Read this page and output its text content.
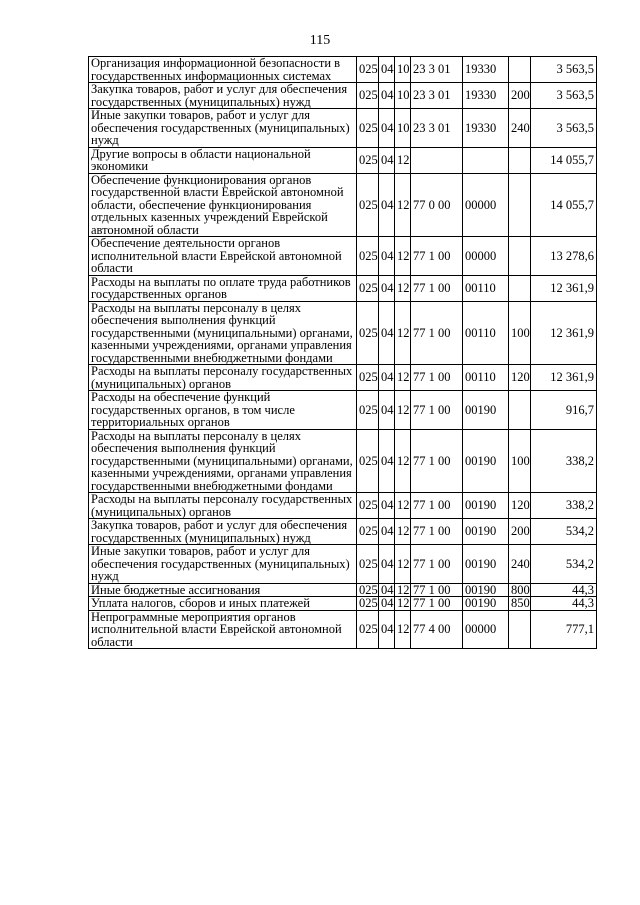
115
Организация информационной безопасности в государственных информационных системах	025	04	10	23 3 01	19330		3 563,5
Закупка товаров, работ и услуг для обеспечения государственных (муниципальных) нужд	025	04	10	23 3 01	19330	200	3 563,5
Иные закупки товаров, работ и услуг для обеспечения государственных (муниципальных) нужд	025	04	10	23 3 01	19330	240	3 563,5
Другие вопросы в области национальной экономики	025	04	12				14 055,7
Обеспечение функционирования органов государственной власти Еврейской автономной области, обеспечение функционирования отдельных казенных учреждений Еврейской автономной области	025	04	12	77 0 00	00000		14 055,7
Обеспечение деятельности органов исполнительной власти Еврейской автономной области	025	04	12	77 1 00	00000		13 278,6
Расходы на выплаты по оплате труда работников государственных органов	025	04	12	77 1 00	00110		12 361,9
Расходы на выплаты персоналу в целях обеспечения выполнения функций государственными (муниципальными) органами, казенными учреждениями, органами управления государственными внебюджетными фондами	025	04	12	77 1 00	00110	100	12 361,9
Расходы на выплаты персоналу государственных (муниципальных) органов	025	04	12	77 1 00	00110	120	12 361,9
Расходы на обеспечение функций государственных органов, в том числе территориальных органов	025	04	12	77 1 00	00190		916,7
Расходы на выплаты персоналу в целях обеспечения выполнения функций государственными (муниципальными) органами, казенными учреждениями, органами управления государственными внебюджетными фондами	025	04	12	77 1 00	00190	100	338,2
Расходы на выплаты персоналу государственных (муниципальных) органов	025	04	12	77 1 00	00190	120	338,2
Закупка товаров, работ и услуг для обеспечения государственных (муниципальных) нужд	025	04	12	77 1 00	00190	200	534,2
Иные закупки товаров, работ и услуг для обеспечения государственных (муниципальных) нужд	025	04	12	77 1 00	00190	240	534,2
Иные бюджетные ассигнования	025	04	12	77 1 00	00190	800	44,3
Уплата налогов, сборов и иных платежей	025	04	12	77 1 00	00190	850	44,3
Непрограммные мероприятия органов исполнительной власти Еврейской автономной области	025	04	12	77 4 00	00000		777,1
